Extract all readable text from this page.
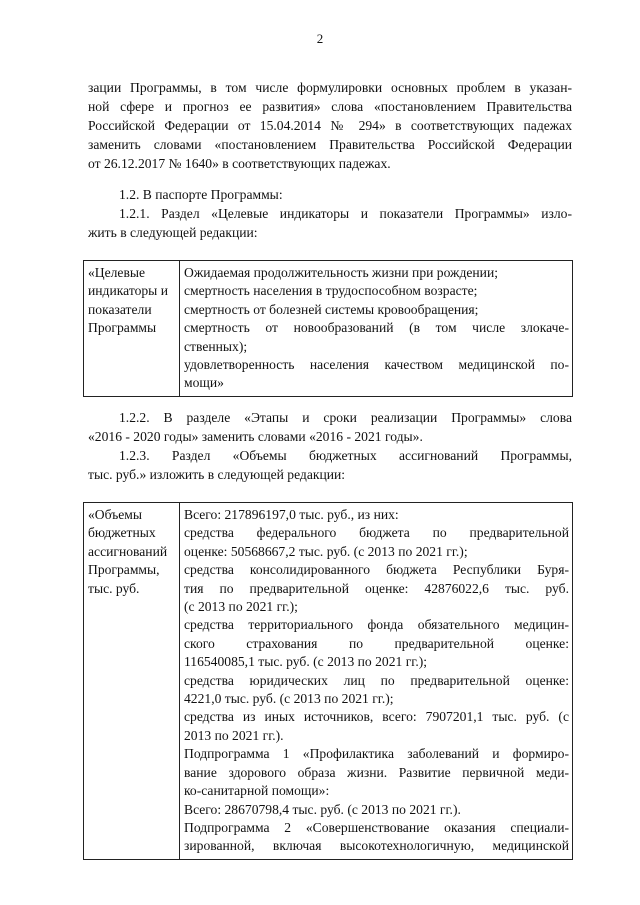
2
зации Программы, в том числе формулировки основных проблем в указан-
ной сфере и прогноз ее развития» слова «постановлением Правительства
Российской Федерации от 15.04.2014 № 294» в соответствующих падежах
заменить словами «постановлением Правительства Российской Федерации
от 26.12.2017 № 1640» в соответствующих падежах.
1.2. В паспорте Программы:
1.2.1. Раздел «Целевые индикаторы и показатели Программы» изло-
жить в следующей редакции:
«Целевые
индикаторы и
показатели
Программы

Ожидаемая продолжительность жизни при рождении;
смертность населения в трудоспособном возрасте;
смертность от болезней системы кровообращения;
смертность от новообразований (в том числе злокаче-
ственных);
удовлетворенность населения качеством медицинской по-
мощи»
1.2.2. В разделе «Этапы и сроки реализации Программы» слова
«2016 - 2020 годы» заменить словами «2016 - 2021 годы».
1.2.3. Раздел «Объемы бюджетных ассигнований Программы,
тыс. руб.» изложить в следующей редакции:
«Объемы
бюджетных
ассигнований
Программы,
тыс. руб.

Всего: 217896197,0 тыс. руб., из них:
средства федерального бюджета по предварительной
оценке: 50568667,2 тыс. руб. (с 2013 по 2021 гг.);
средства консолидированного бюджета Республики Буря-
тия по предварительной оценке: 42876022,6 тыс. руб.
(с 2013 по 2021 гг.);
средства территориального фонда обязательного медицин-
ского страхования по предварительной оценке:
116540085,1 тыс. руб. (с 2013 по 2021 гг.);
средства юридических лиц по предварительной оценке:
4221,0 тыс. руб. (с 2013 по 2021 гг.);
средства из иных источников, всего: 7907201,1 тыс. руб. (с
2013 по 2021 гг.).
Подпрограмма 1 «Профилактика заболеваний и формиро-
вание здорового образа жизни. Развитие первичной меди-
ко-санитарной помощи»:
Всего: 28670798,4 тыс. руб. (с 2013 по 2021 гг.).
Подпрограмма 2 «Совершенствование оказания специали-
зированной, включая высокотехнологичную, медицинской
